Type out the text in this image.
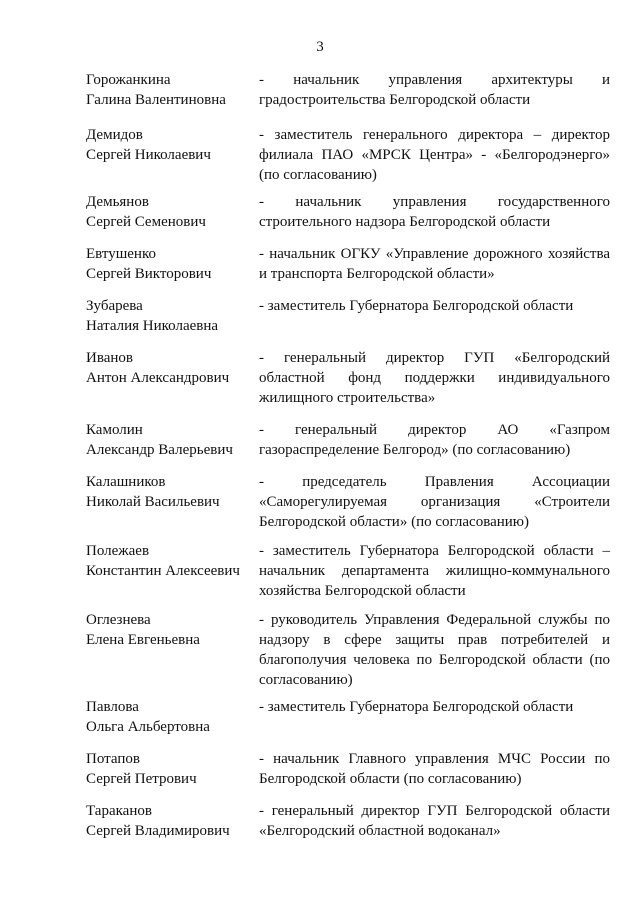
3
Горожанкина
Галина Валентиновна
- начальник управления архитектуры и градостроительства Белгородской области
Демидов
Сергей Николаевич
- заместитель генерального директора – директор филиала ПАО «МРСК Центра» - «Белгородэнерго» (по согласованию)
Демьянов
Сергей Семенович
- начальник управления государственного строительного надзора Белгородской области
Евтушенко
Сергей Викторович
- начальник ОГКУ «Управление дорожного хозяйства и транспорта Белгородской области»
Зубарева
Наталия Николаевна
- заместитель Губернатора Белгородской области
Иванов
Антон Александрович
- генеральный директор ГУП «Белгородский областной фонд поддержки индивидуального жилищного строительства»
Камолин
Александр Валерьевич
- генеральный директор АО «Газпром газораспределение Белгород» (по согласованию)
Калашников
Николай Васильевич
- председатель Правления Ассоциации «Саморегулируемая организация «Строители Белгородской области» (по согласованию)
Полежаев
Константин Алексеевич
- заместитель Губернатора Белгородской области – начальник департамента жилищно-коммунального хозяйства Белгородской области
Оглезнева
Елена Евгеньевна
- руководитель Управления Федеральной службы по надзору в сфере защиты прав потребителей и благополучия человека по Белгородской области (по согласованию)
Павлова
Ольга Альбертовна
- заместитель Губернатора Белгородской области
Потапов
Сергей Петрович
- начальник Главного управления МЧС России по Белгородской области (по согласованию)
Тараканов
Сергей Владимирович
- генеральный директор ГУП Белгородской области «Белгородский областной водоканал»
